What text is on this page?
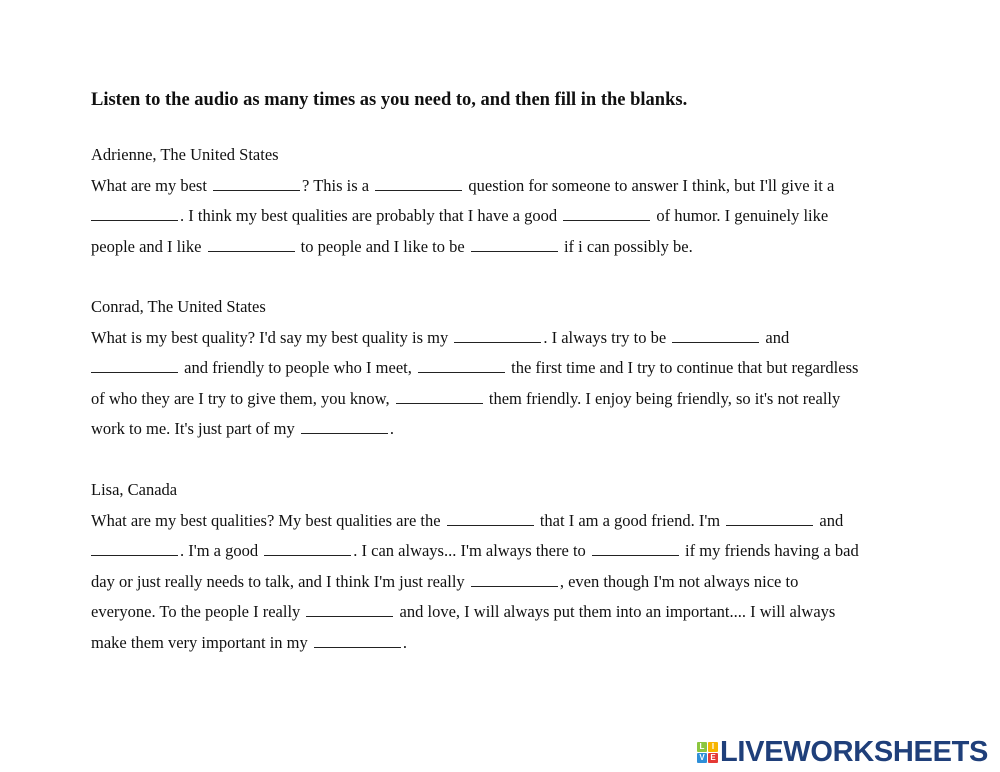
Listen to the audio as many times as you need to, and then fill in the blanks.
Adrienne, The United States
What are my best	? This is a	question for someone to answer I think, but I'll give it a
. I think my best qualities are probably that I have a good	of humor. I genuinely like
people and I like	to people and I like to be	if i can possibly be.
Conrad, The United States
What is my best quality? I'd say my best quality is my	. I always try to be	and
and friendly to people who I meet,	the first time and I try to continue that but regardless
of who they are I try to give them, you know,	them friendly. I enjoy being friendly, so it's not really
work to me. It's just part of my	.
Lisa, Canada
What are my best qualities? My best qualities are the	that I am a good friend. I'm	and
. I'm a good	. I can always... I'm always there to	if my friends having a bad
day or just really needs to talk, and I think I'm just really	, even though I'm not always nice to
everyone. To the people I really	and love, I will always put them into an important.... I will always
make them very important in my	.
L I
V E LIVEWORKSHEETS
